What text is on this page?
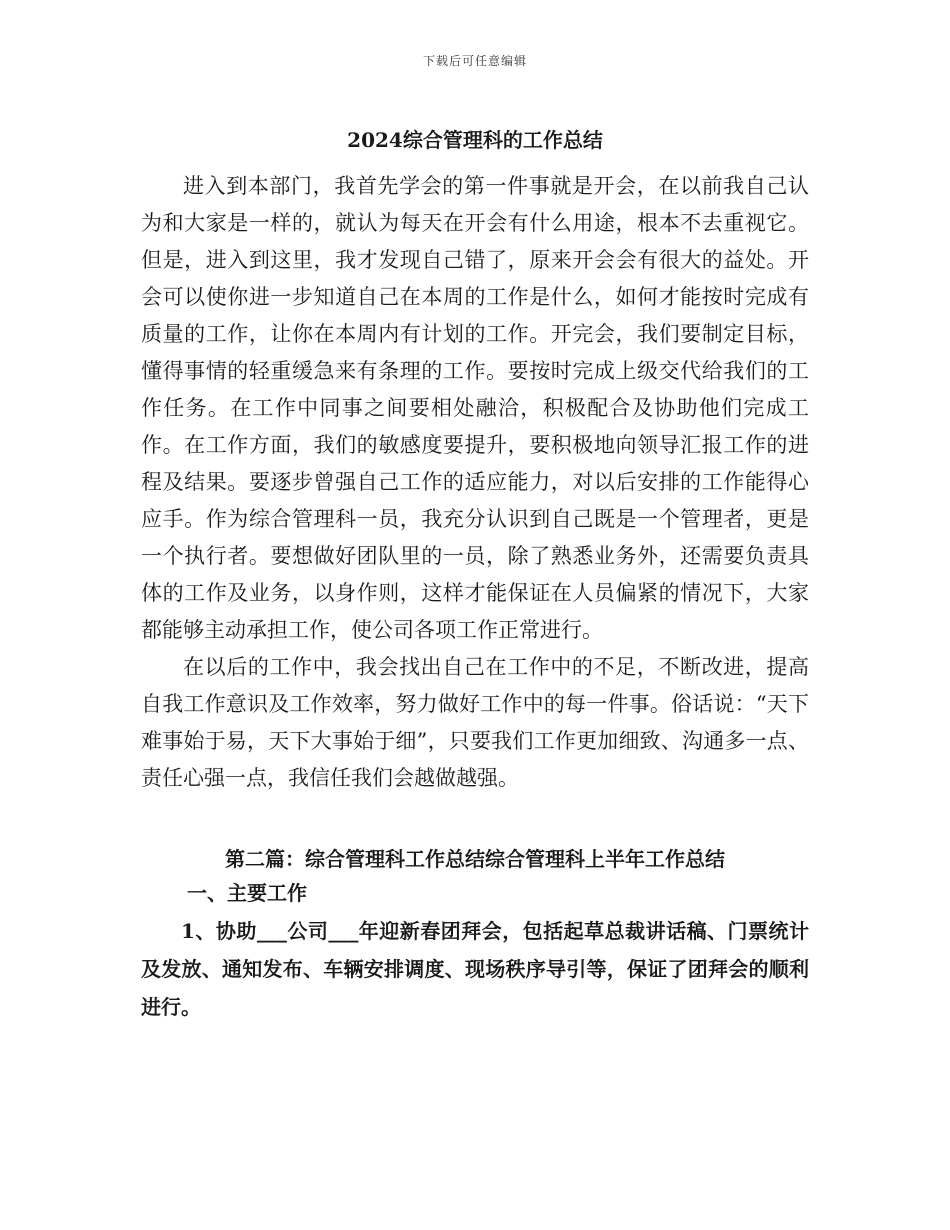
下载后可任意编辑
2024综合管理科的工作总结

进入到本部门，我首先学会的第一件事就是开会，在以前我自己认为和大家是一样的，就认为每天在开会有什么用途，根本不去重视它。但是，进入到这里，我才发现自己错了，原来开会会有很大的益处。开会可以使你进一步知道自己在本周的工作是什么，如何才能按时完成有质量的工作，让你在本周内有计划的工作。开完会，我们要制定目标，懂得事情的轻重缓急来有条理的工作。要按时完成上级交代给我们的工作任务。在工作中同事之间要相处融洽，积极配合及协助他们完成工作。在工作方面，我们的敏感度要提升，要积极地向领导汇报工作的进程及结果。要逐步曾强自己工作的适应能力，对以后安排的工作能得心应手。作为综合管理科一员，我充分认识到自己既是一个管理者，更是一个执行者。要想做好团队里的一员，除了熟悉业务外，还需要负责具体的工作及业务，以身作则，这样才能保证在人员偏紧的情况下，大家都能够主动承担工作，使公司各项工作正常进行。

在以后的工作中，我会找出自己在工作中的不足，不断改进，提高自我工作意识及工作效率，努力做好工作中的每一件事。俗话说：“天下难事始于易，天下大事始于细”，只要我们工作更加细致、沟通多一点、责任心强一点，我信任我们会越做越强。

第二篇：综合管理科工作总结综合管理科上半年工作总结
一、主要工作

1、协助___公司___年迎新春团拜会，包括起草总裁讲话稿、门票统计及发放、通知发布、车辆安排调度、现场秩序导引等，保证了团拜会的顺利进行。
